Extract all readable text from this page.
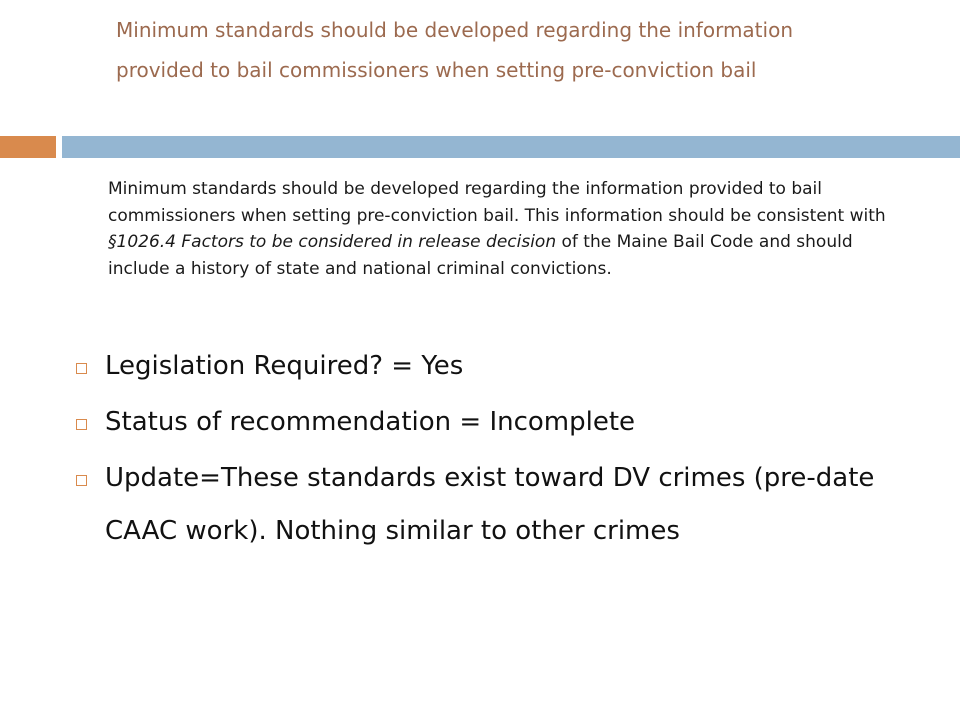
Minimum standards should be developed regarding the information provided to bail commissioners when setting pre-conviction bail

Minimum standards should be developed regarding the information provided to bail commissioners when setting pre-conviction bail. This information should be consistent with §1026.4 Factors to be considered in release decision of the Maine Bail Code and should include a history of state and national criminal convictions.

Legislation Required? = Yes
Status of recommendation = Incomplete
Update=These standards exist toward DV crimes (pre-date CAAC work). Nothing similar to other crimes
